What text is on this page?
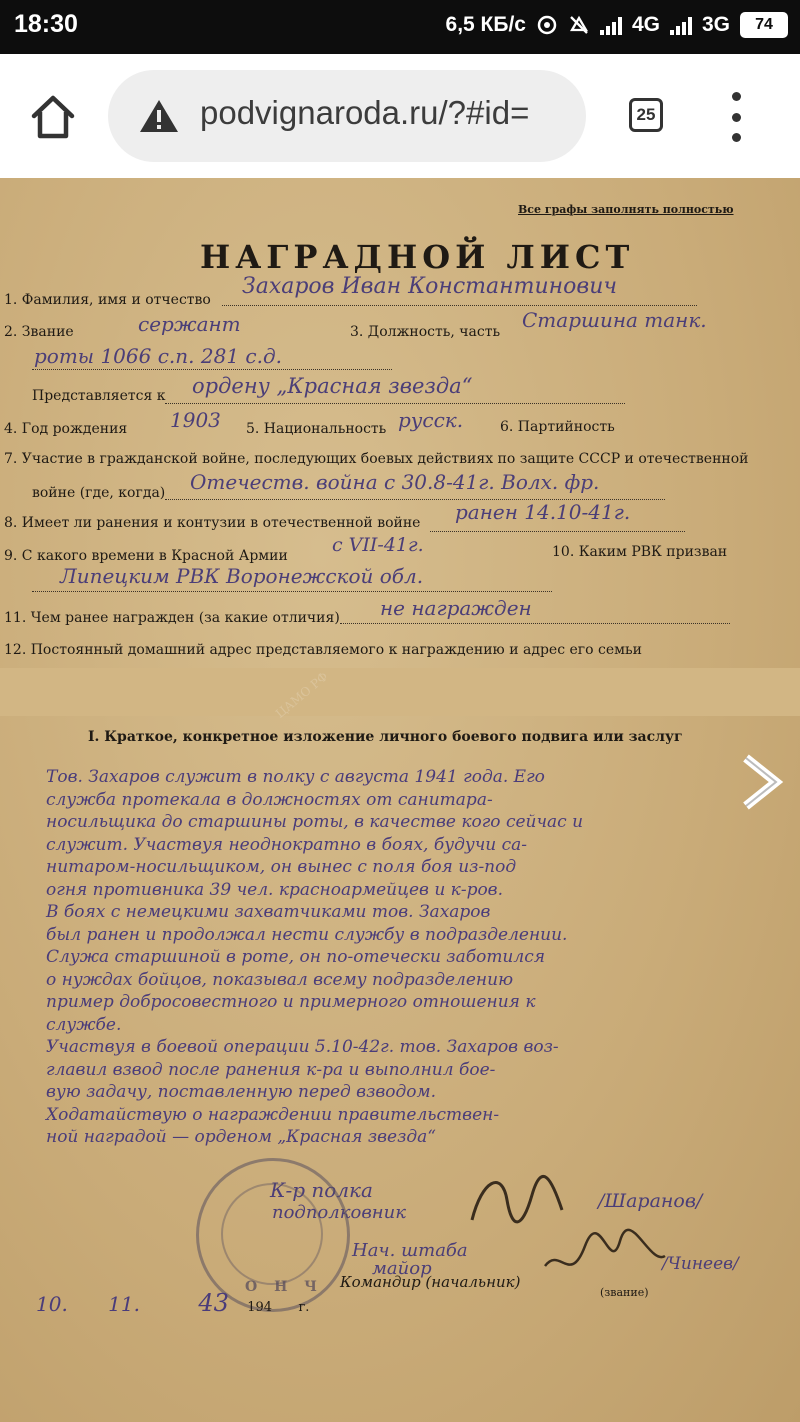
18:30	6,5 КБ/с	4G 3G	74
podvignaroda.ru/?#id=	25
Все графы заполнять полностью
НАГРАДНОЙ ЛИСТ
1. Фамилия, имя и отчество
Захаров Иван Константинович
2. Звание	сержант	3. Должность, часть Старшина танк.
роты 1066 с.п. 281 с.д.
Представляется к ордену „Красная звезда“
4. Год рождения 1903 5. Национальность русск.	6. Партийность
7. Участие в гражданской войне, последующих боевых действиях по защите СССР и отечественной
войне (где, когда) Отечеств. война с 30.8-41г. Волх. фр.
8. Имеет ли ранения и контузии в отечественной войне ранен 14.10-41г.
9. С какого времени в Красной Армии с VII-41г.	10. Каким РВК призван
Липецким РВК Воронежской обл.
11. Чем ранее награжден (за какие отличия) не награжден
12. Постоянный домашний адрес представляемого к награждению и адрес его семьи
I. Краткое, конкретное изложение личного боевого подвига или заслуг
Тов. Захаров служит в полку с августа 1941 года. Его
служба протекала в должностях от санитара-
носильщика до старшины роты, в качестве кого сейчас и
служит. Участвуя неоднократно в боях, будучи са-
нитаром-носильщиком, он вынес с поля боя из-под
огня противника 39 чел. красноармейцев и к-ров.
В боях с немецкими захватчиками тов. Захаров
был ранен и продолжал нести службу в подразделении.
Служа старшиной в роте, он по-отечески заботился
о нуждах бойцов, показывал всему подразделению
пример добросовестного и примерного отношения к
службе.
Участвуя в боевой операции 5.10-42г. тов. Захаров воз-
главил взвод после ранения к-ра и выполнил бое-
вую задачу, поставленную перед взводом.
Ходатайствую о награждении правительствен-
ной наградой — орденом „Красная звезда“
К-р полка
подполковник
/Шаранов/
Нач. штаба
майор	/Чинеев/
Командир (начальник)
(звание)
О Н Ч
10. 11. 43 194 г.
ЦАМО РФ
